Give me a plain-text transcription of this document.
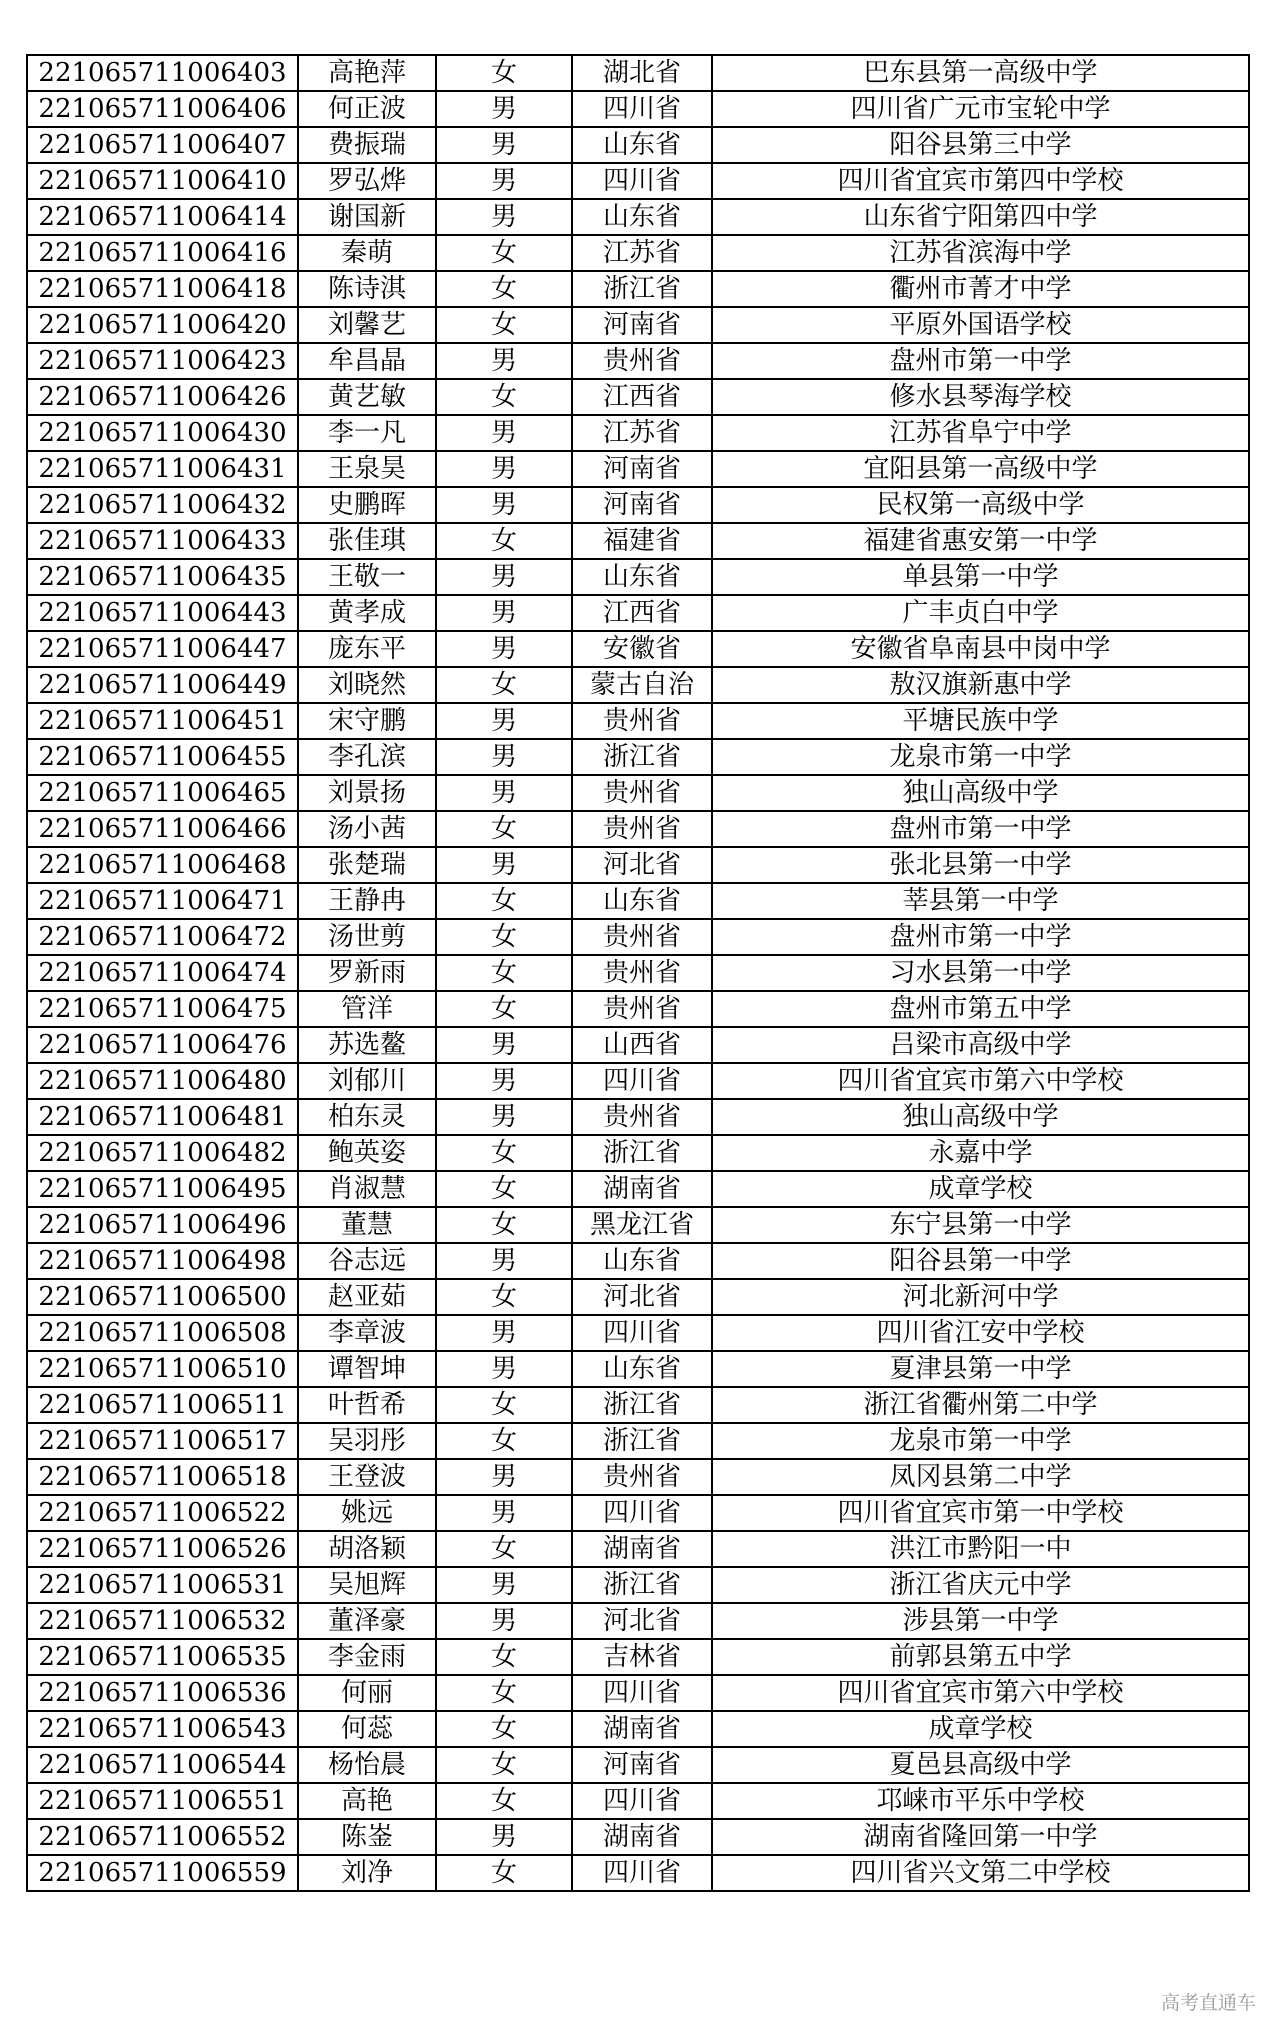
221065711006403	高艳萍	女	湖北省	巴东县第一高级中学
221065711006406	何正波	男	四川省	四川省广元市宝轮中学
221065711006407	费振瑞	男	山东省	阳谷县第三中学
221065711006410	罗弘烨	男	四川省	四川省宜宾市第四中学校
221065711006414	谢国新	男	山东省	山东省宁阳第四中学
221065711006416	秦萌	女	江苏省	江苏省滨海中学
221065711006418	陈诗淇	女	浙江省	衢州市菁才中学
221065711006420	刘馨艺	女	河南省	平原外国语学校
221065711006423	牟昌晶	男	贵州省	盘州市第一中学
221065711006426	黄艺敏	女	江西省	修水县琴海学校
221065711006430	李一凡	男	江苏省	江苏省阜宁中学
221065711006431	王泉昊	男	河南省	宜阳县第一高级中学
221065711006432	史鹏晖	男	河南省	民权第一高级中学
221065711006433	张佳琪	女	福建省	福建省惠安第一中学
221065711006435	王敬一	男	山东省	单县第一中学
221065711006443	黄孝成	男	江西省	广丰贞白中学
221065711006447	庞东平	男	安徽省	安徽省阜南县中岗中学
221065711006449	刘晓然	女	蒙古自治	敖汉旗新惠中学
221065711006451	宋守鹏	男	贵州省	平塘民族中学
221065711006455	李孔滨	男	浙江省	龙泉市第一中学
221065711006465	刘景扬	男	贵州省	独山高级中学
221065711006466	汤小茜	女	贵州省	盘州市第一中学
221065711006468	张楚瑞	男	河北省	张北县第一中学
221065711006471	王静冉	女	山东省	莘县第一中学
221065711006472	汤世剪	女	贵州省	盘州市第一中学
221065711006474	罗新雨	女	贵州省	习水县第一中学
221065711006475	管洋	女	贵州省	盘州市第五中学
221065711006476	苏选鳌	男	山西省	吕梁市高级中学
221065711006480	刘郁川	男	四川省	四川省宜宾市第六中学校
221065711006481	柏东灵	男	贵州省	独山高级中学
221065711006482	鲍英姿	女	浙江省	永嘉中学
221065711006495	肖淑慧	女	湖南省	成章学校
221065711006496	董慧	女	黑龙江省	东宁县第一中学
221065711006498	谷志远	男	山东省	阳谷县第一中学
221065711006500	赵亚茹	女	河北省	河北新河中学
221065711006508	李章波	男	四川省	四川省江安中学校
221065711006510	谭智坤	男	山东省	夏津县第一中学
221065711006511	叶哲希	女	浙江省	浙江省衢州第二中学
221065711006517	吴羽彤	女	浙江省	龙泉市第一中学
221065711006518	王登波	男	贵州省	凤冈县第二中学
221065711006522	姚远	男	四川省	四川省宜宾市第一中学校
221065711006526	胡洛颖	女	湖南省	洪江市黔阳一中
221065711006531	吴旭辉	男	浙江省	浙江省庆元中学
221065711006532	董泽豪	男	河北省	涉县第一中学
221065711006535	李金雨	女	吉林省	前郭县第五中学
221065711006536	何丽	女	四川省	四川省宜宾市第六中学校
221065711006543	何蕊	女	湖南省	成章学校
221065711006544	杨怡晨	女	河南省	夏邑县高级中学
221065711006551	高艳	女	四川省	邛崃市平乐中学校
221065711006552	陈崟	男	湖南省	湖南省隆回第一中学
221065711006559	刘净	女	四川省	四川省兴文第二中学校
高考直通车
